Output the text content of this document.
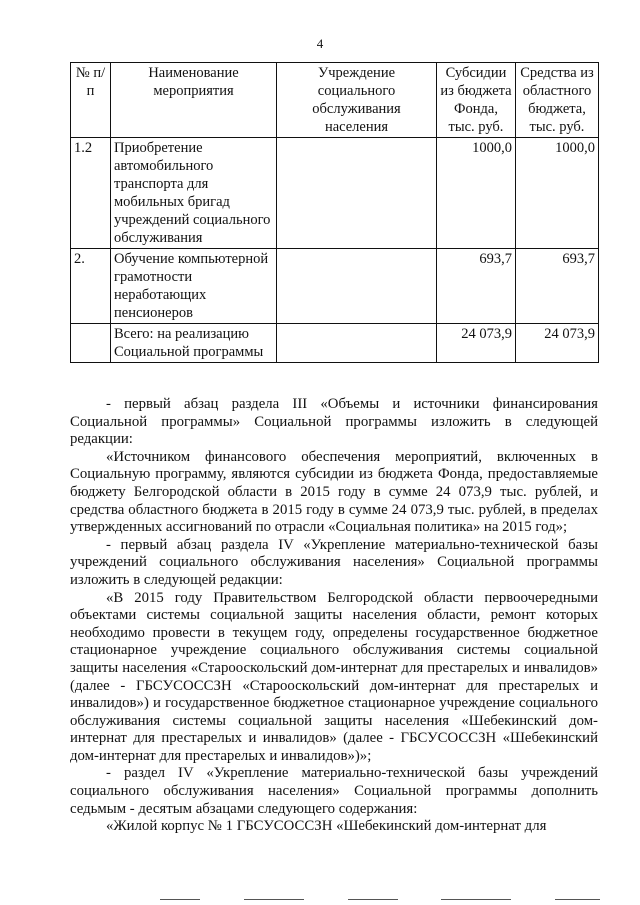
4
№ п/п	Наименование мероприятия	Учреждение социального обслуживания населения	Субсидии из бюджета Фонда, тыс. руб.	Средства из областного бюджета, тыс. руб.
1.2	Приобретение автомобильного транспорта для мобильных бригад учреждений социального обслуживания		1000,0	1000,0
2.	Обучение компьютерной грамотности неработающих пенсионеров		693,7	693,7
	Всего: на реализацию Социальной программы		24 073,9	24 073,9

- первый абзац раздела III «Объемы и источники финансирования Социальной программы» Социальной программы изложить в следующей редакции:

«Источником финансового обеспечения мероприятий, включенных в Социальную программу, являются субсидии из бюджета Фонда, предоставляемые бюджету Белгородской области в 2015 году в сумме 24 073,9 тыс. рублей, и средства областного бюджета в 2015 году в сумме 24 073,9 тыс. рублей, в пределах утвержденных ассигнований по отрасли «Социальная политика» на 2015 год»;

- первый абзац раздела IV «Укрепление материально-технической базы учреждений социального обслуживания населения» Социальной программы изложить в следующей редакции:

«В 2015 году Правительством Белгородской области первоочередными объектами системы социальной защиты населения области, ремонт которых необходимо провести в текущем году, определены государственное бюджетное стационарное учреждение социального обслуживания системы социальной защиты населения «Старооскольский дом-интернат для престарелых и инвалидов» (далее - ГБСУСОССЗН «Старооскольский дом-интернат для престарелых и инвалидов») и государственное бюджетное стационарное учреждение социального обслуживания системы социальной защиты населения «Шебекинский дом-интернат для престарелых и инвалидов» (далее - ГБСУСОССЗН «Шебекинский дом-интернат для престарелых и инвалидов»)»;

- раздел IV «Укрепление материально-технической базы учреждений социального обслуживания населения» Социальной программы дополнить седьмым - десятым абзацами следующего содержания:

«Жилой корпус № 1 ГБСУСОССЗН «Шебекинский дом-интернат для
